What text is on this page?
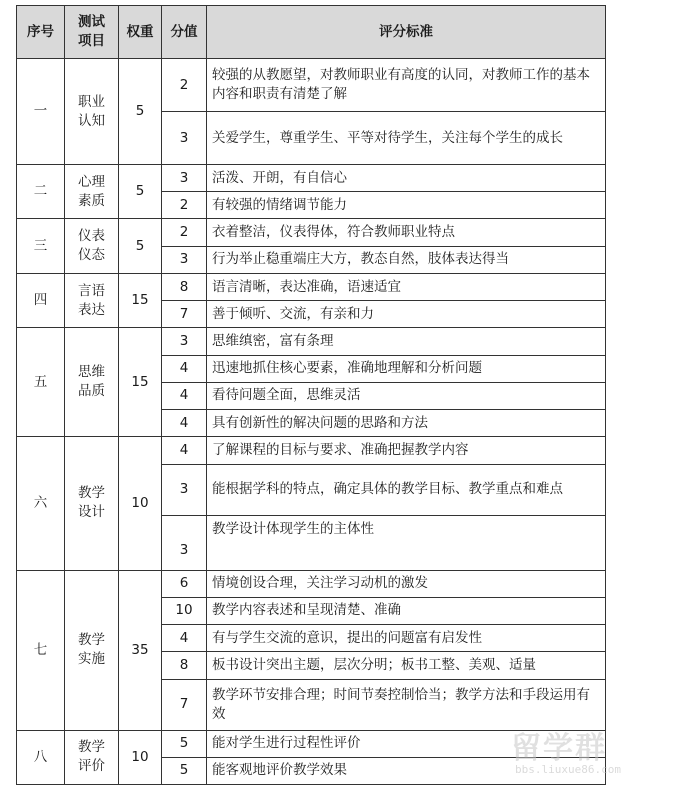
序号	测试项目	权重	分值	评分标准
一	职业认知	5	2	较强的从教愿望，对教师职业有高度的认同，对教师工作的基本内容和职责有清楚了解
			3	关爱学生，尊重学生、平等对待学生，关注每个学生的成长
二	心理素质	5	3	活泼、开朗，有自信心
			2	有较强的情绪调节能力
三	仪表仪态	5	2	衣着整洁，仪表得体，符合教师职业特点
			3	行为举止稳重端庄大方，教态自然，肢体表达得当
四	言语表达	15	8	语言清晰，表达准确，语速适宜
			7	善于倾听、交流，有亲和力
五	思维品质	15	3	思维缜密，富有条理
			4	迅速地抓住核心要素，准确地理解和分析问题
			4	看待问题全面，思维灵活
			4	具有创新性的解决问题的思路和方法
六	教学设计	10	4	了解课程的目标与要求、准确把握教学内容
			3	能根据学科的特点，确定具体的教学目标、教学重点和难点
			3	教学设计体现学生的主体性
七	教学实施	35	6	情境创设合理，关注学习动机的激发
			10	教学内容表述和呈现清楚、准确
			4	有与学生交流的意识，提出的问题富有启发性
			8	板书设计突出主题，层次分明；板书工整、美观、适量
			7	教学环节安排合理；时间节奏控制恰当；教学方法和手段运用有效
八	教学评价	10	5	能对学生进行过程性评价
			5	能客观地评价教学效果
留学群
bbs.liuxue86.com
